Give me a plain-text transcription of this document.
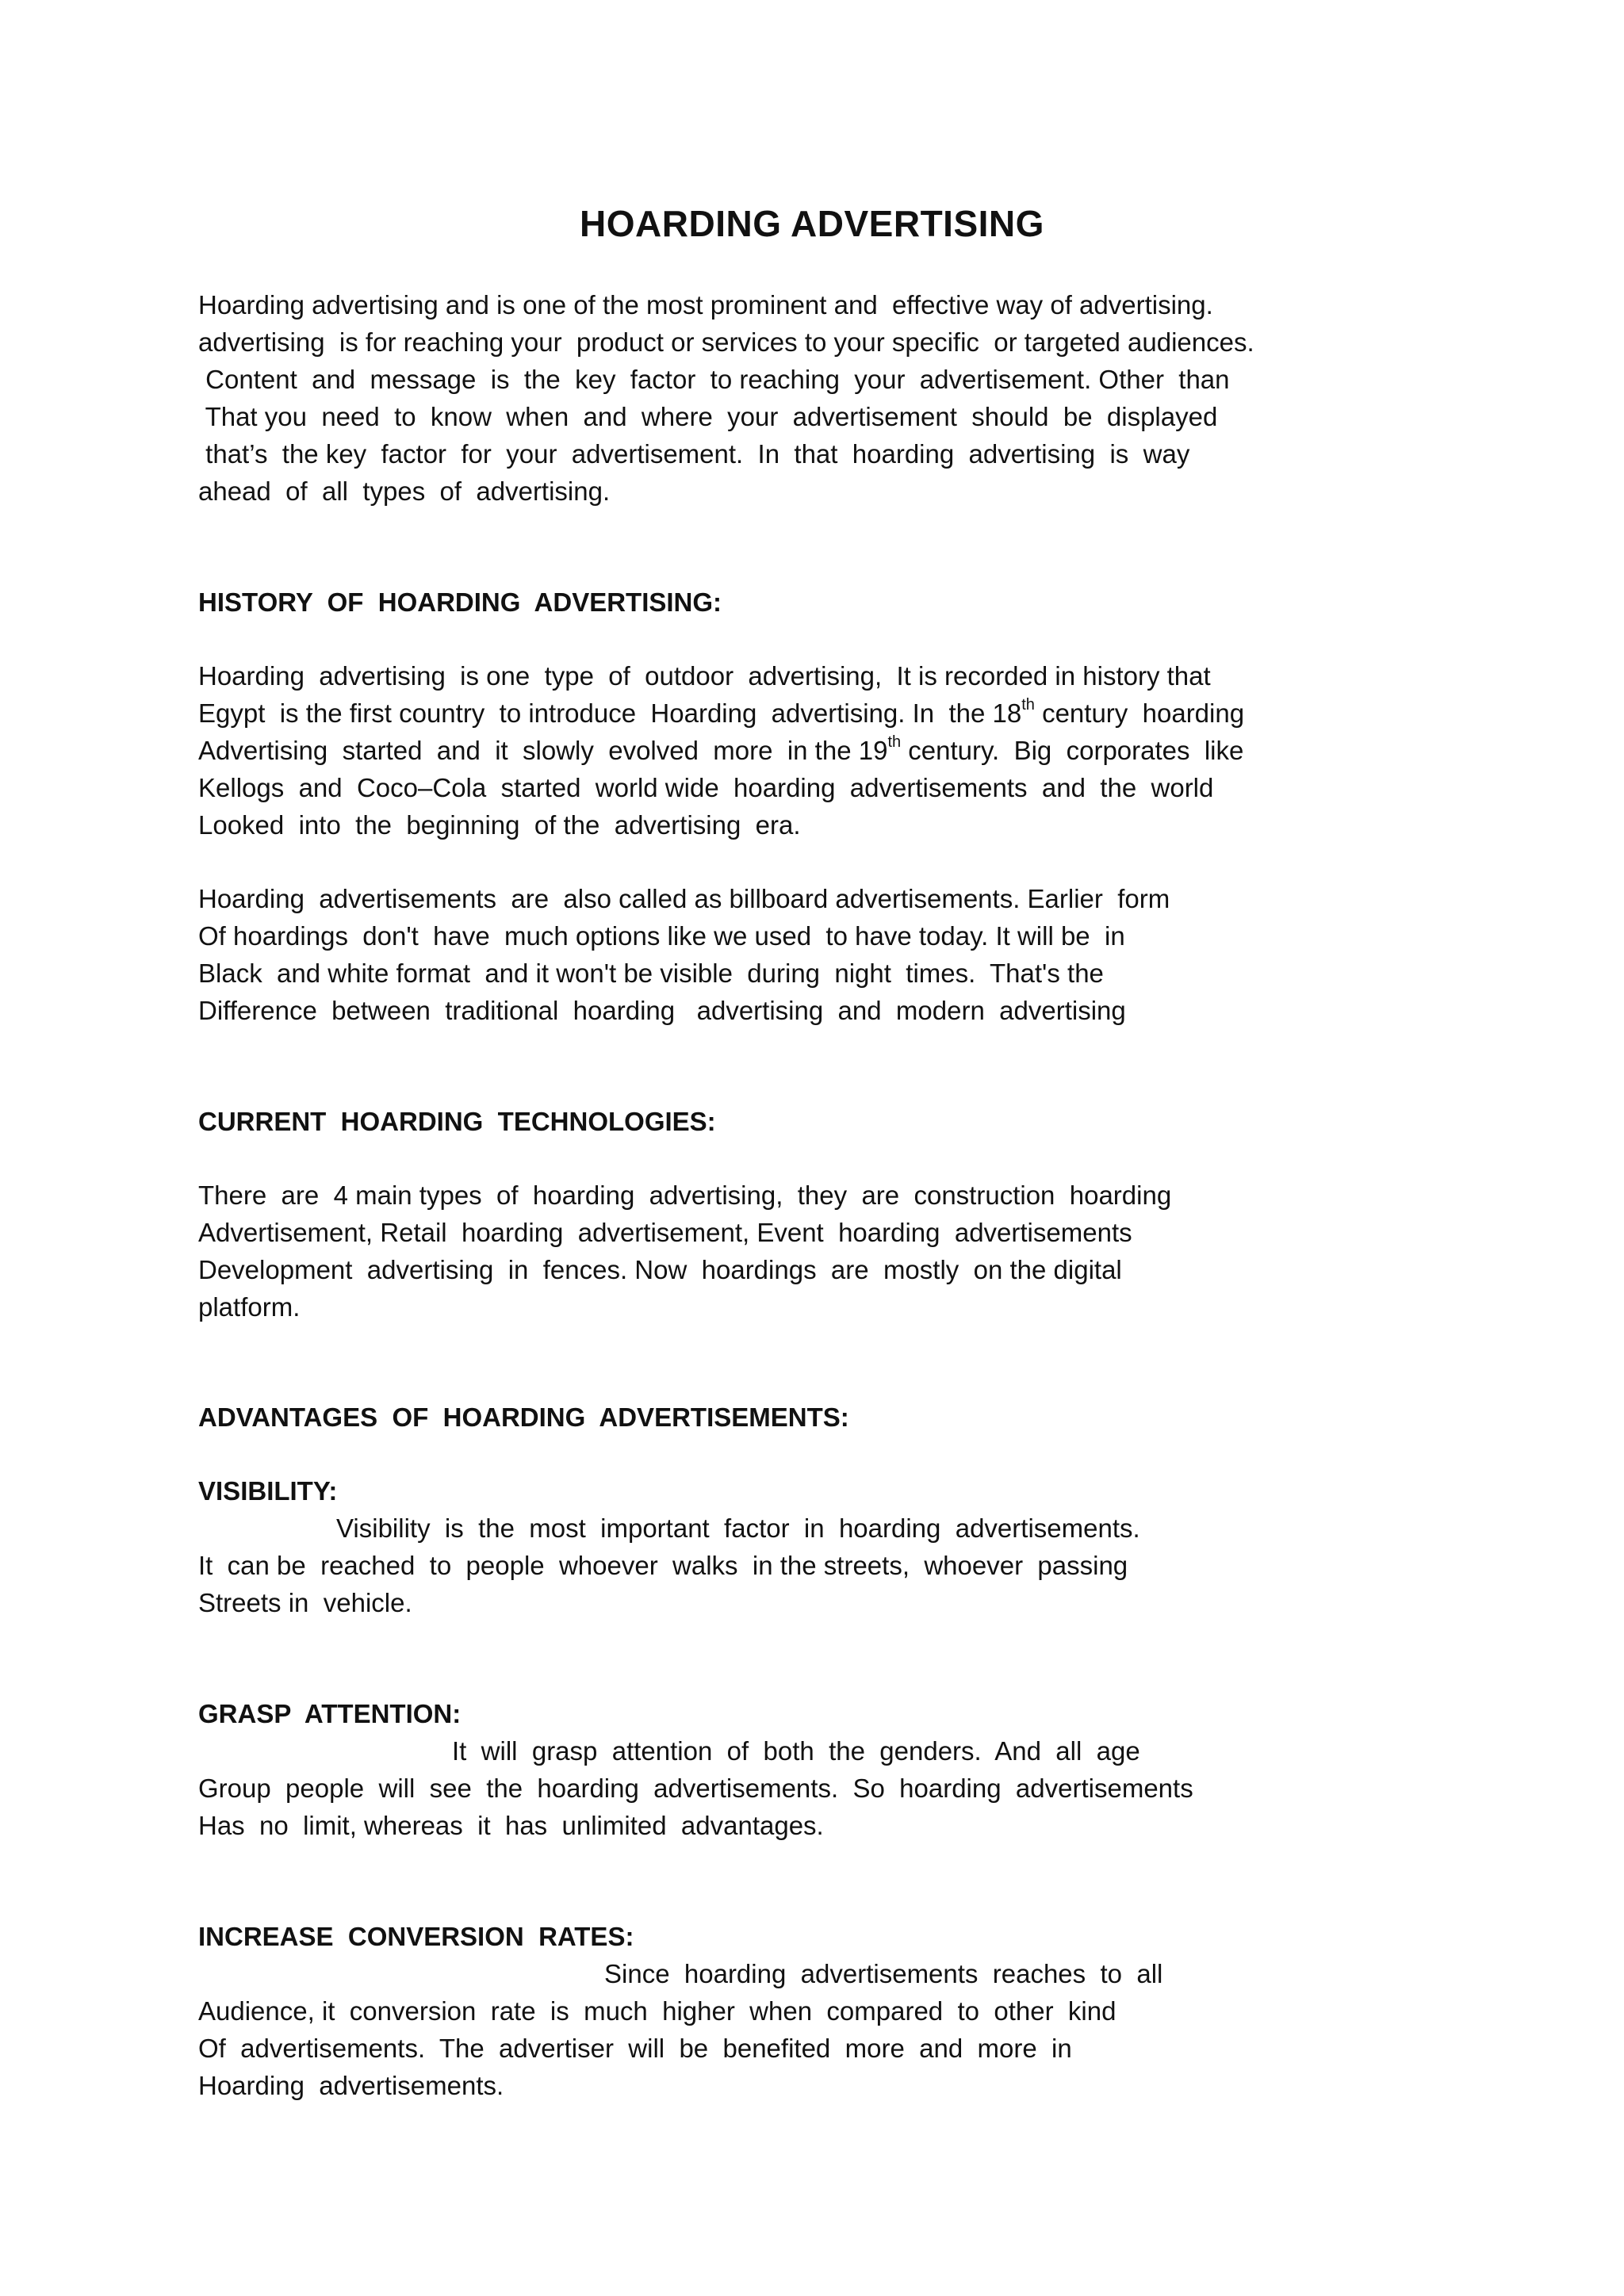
HOARDING ADVERTISING
Hoarding advertising and is one of the most prominent and  effective way of advertising.
advertising  is for reaching your  product or services to your specific  or targeted audiences.
Content  and  message  is  the  key  factor  to reaching  your  advertisement. Other  than
That you  need  to  know  when  and  where  your  advertisement  should  be  displayed
that’s  the key  factor  for  your  advertisement.  In  that  hoarding  advertising  is  way
ahead  of  all  types  of  advertising.
HISTORY  OF  HOARDING  ADVERTISING:
Hoarding  advertising  is one  type  of  outdoor  advertising,  It is recorded in history that
Egypt  is the first country  to introduce  Hoarding  advertising. In  the 18th century  hoarding
Advertising  started  and  it  slowly  evolved  more  in the 19th century.  Big  corporates  like
Kellogs  and  Coco–Cola  started  world wide  hoarding  advertisements  and  the  world
Looked  into  the  beginning  of the  advertising  era.
Hoarding  advertisements  are  also called as billboard advertisements. Earlier  form
Of hoardings  don't  have  much options like we used  to have today. It will be  in
Black  and white format  and it won't be visible  during  night  times.  That's the
Difference  between  traditional  hoarding   advertising  and  modern  advertising
CURRENT  HOARDING  TECHNOLOGIES:
There  are  4 main types  of  hoarding  advertising,  they  are  construction  hoarding
Advertisement, Retail  hoarding  advertisement, Event  hoarding  advertisements
Development  advertising  in  fences. Now  hoardings  are  mostly  on the digital
platform.
ADVANTAGES  OF  HOARDING  ADVERTISEMENTS:
VISIBILITY:
Visibility  is  the  most  important  factor  in  hoarding  advertisements.
It  can be  reached  to  people  whoever  walks  in the streets,  whoever  passing
Streets in  vehicle.
GRASP  ATTENTION:
It  will  grasp  attention  of  both  the  genders.  And  all  age
Group  people  will  see  the  hoarding  advertisements.  So  hoarding  advertisements
Has  no  limit, whereas  it  has  unlimited  advantages.
INCREASE  CONVERSION  RATES:
Since  hoarding  advertisements  reaches  to  all
Audience, it  conversion  rate  is  much  higher  when  compared  to  other  kind
Of  advertisements.  The  advertiser  will  be  benefited  more  and  more  in
Hoarding  advertisements.
